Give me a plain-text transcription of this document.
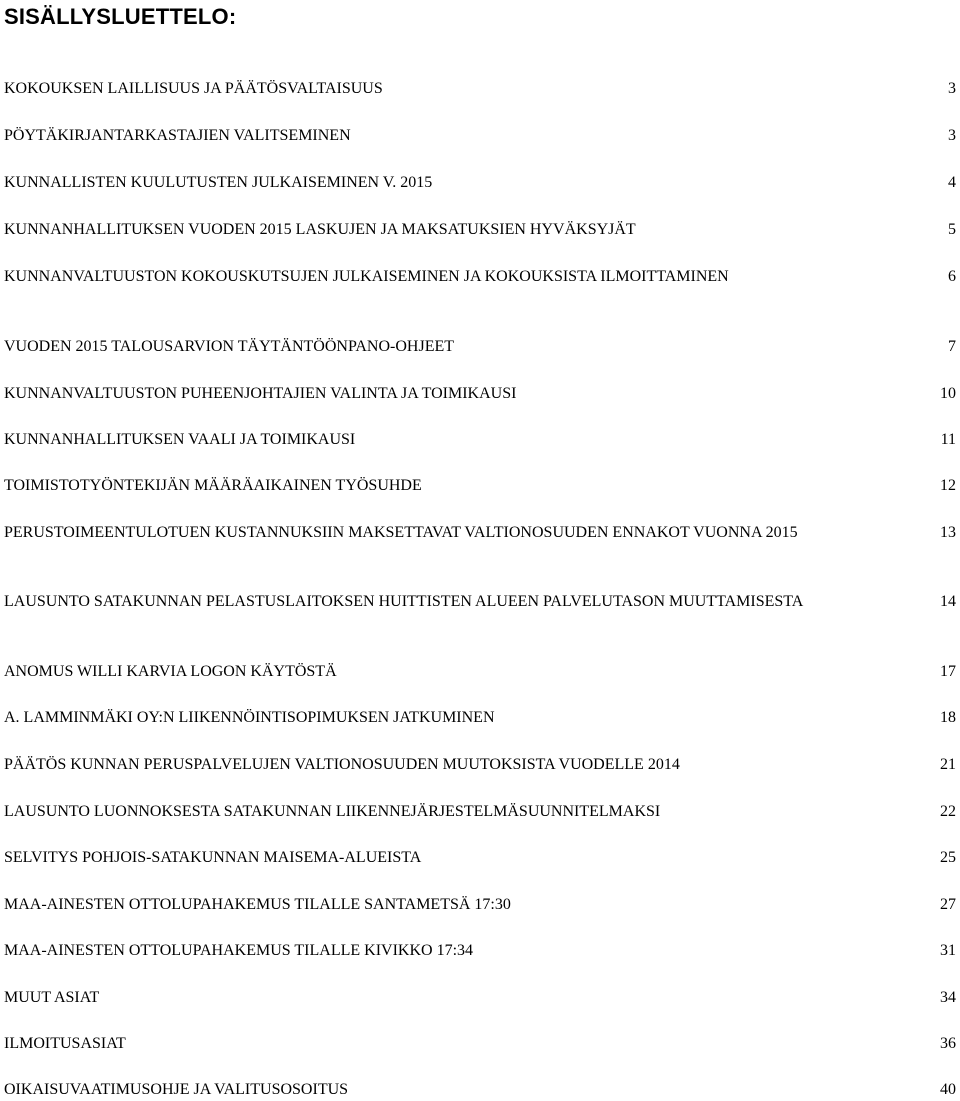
SISÄLLYSLUETTELO:
KOKOUKSEN LAILLISUUS JA PÄÄTÖSVALTAISUUS	3
PÖYTÄKIRJANTARKASTAJIEN VALITSEMINEN	3
KUNNALLISTEN KUULUTUSTEN JULKAISEMINEN V. 2015	4
KUNNANHALLITUKSEN VUODEN 2015 LASKUJEN JA MAKSATUKSIEN HYVÄKSYJÄT	5
KUNNANVALTUUSTON KOKOUSKUTSUJEN JULKAISEMINEN JA KOKOUKSISTA ILMOITTAMINEN	6
VUODEN 2015 TALOUSARVION TÄYTÄNTÖÖNPANO-OHJEET	7
KUNNANVALTUUSTON PUHEENJOHTAJIEN VALINTA JA TOIMIKAUSI	10
KUNNANHALLITUKSEN VAALI JA TOIMIKAUSI	11
TOIMISTOTYÖNTEKIJÄN MÄÄRÄAIKAINEN TYÖSUHDE	12
PERUSTOIMEENTULOTUEN KUSTANNUKSIIN MAKSETTAVAT VALTIONOSUUDEN ENNAKOT VUONNA 2015	13
LAUSUNTO SATAKUNNAN PELASTUSLAITOKSEN HUITTISTEN ALUEEN PALVELUTASON MUUTTAMISESTA	14
ANOMUS WILLI KARVIA LOGON KÄYTÖSTÄ	17
A. LAMMINMÄKI OY:N LIIKENNÖINTISOPIMUKSEN JATKUMINEN	18
PÄÄTÖS KUNNAN PERUSPALVELUJEN VALTIONOSUUDEN MUUTOKSISTA VUODELLE 2014	21
LAUSUNTO LUONNOKSESTA SATAKUNNAN LIIKENNEJÄRJESTELMÄSUUNNITELMAKSI	22
SELVITYS POHJOIS-SATAKUNNAN MAISEMA-ALUEISTA	25
MAA-AINESTEN OTTOLUPAHAKEMUS TILALLE SANTAMETSÄ 17:30	27
MAA-AINESTEN OTTOLUPAHAKEMUS TILALLE KIVIKKO 17:34	31
MUUT ASIAT	34
ILMOITUSASIAT	36
OIKAISUVAATIMUSOHJE JA VALITUSOSOITUS	40
